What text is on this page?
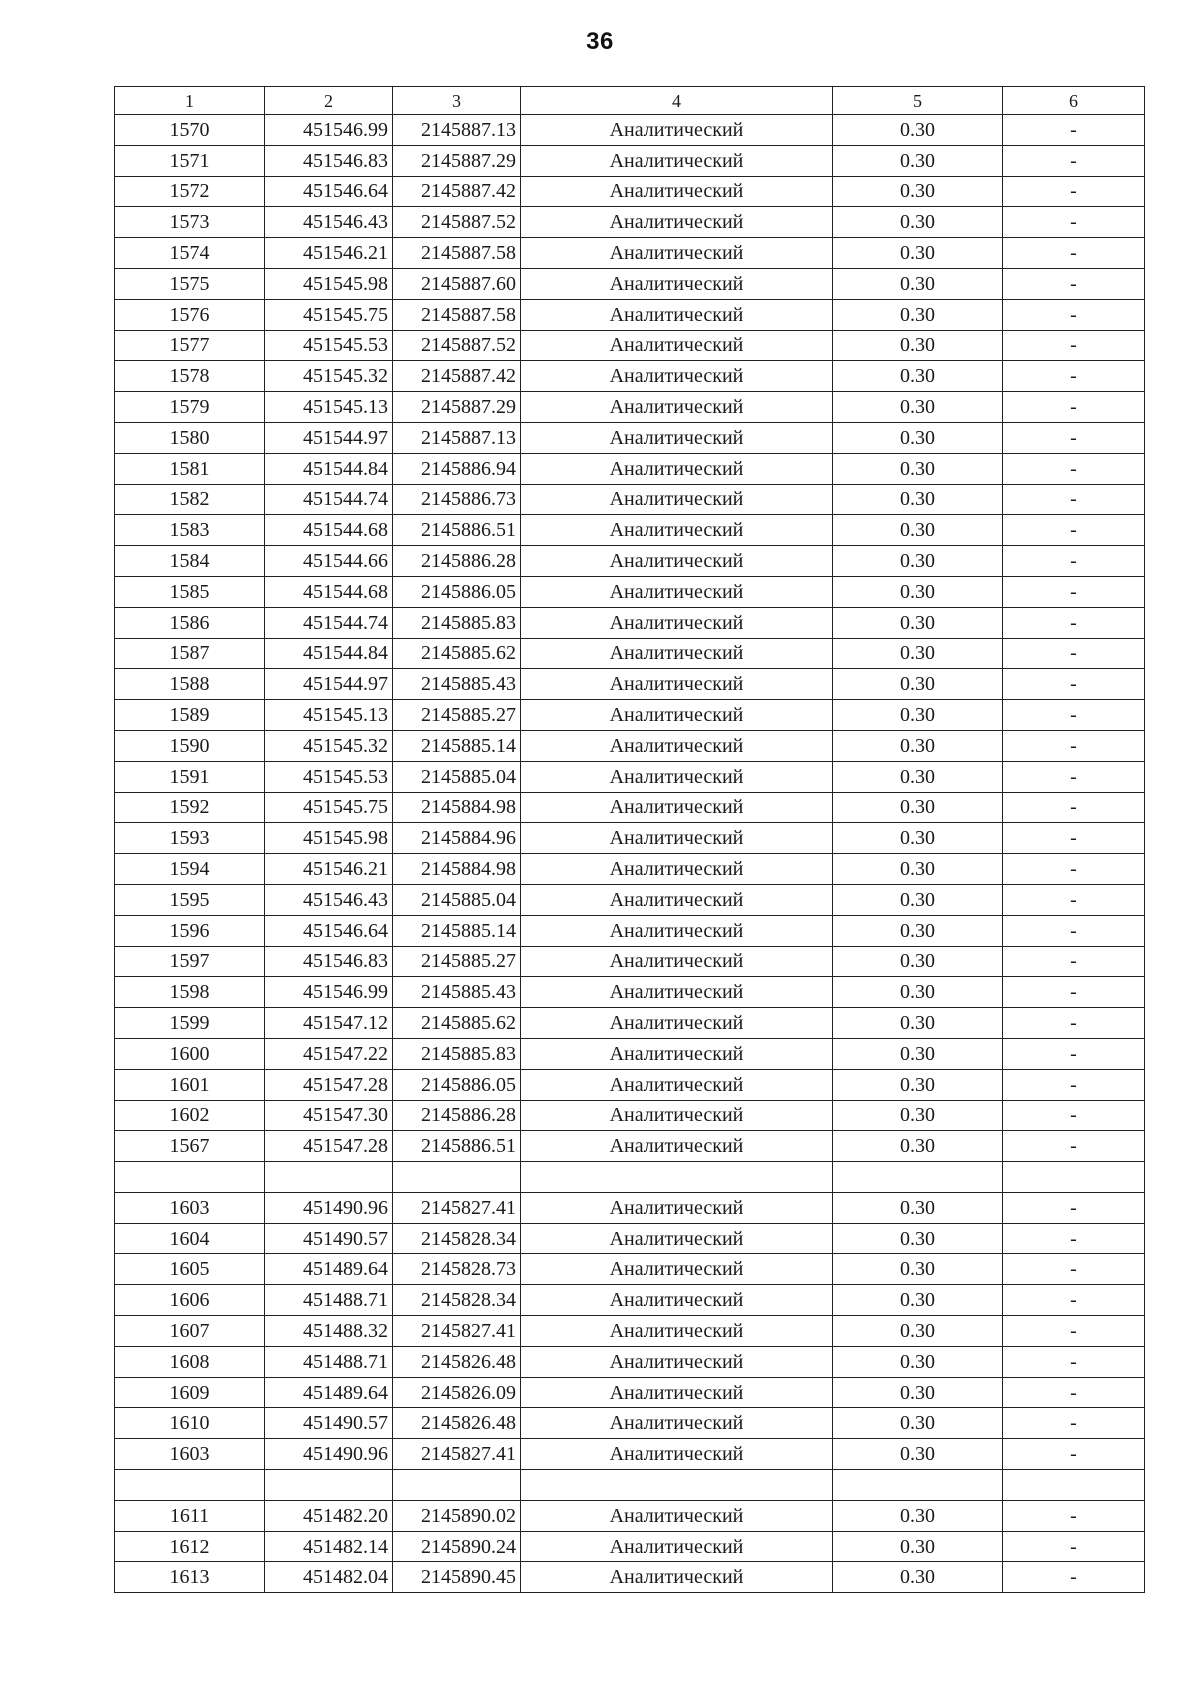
36
1	2	3	4	5	6
1570	451546.99	2145887.13	Аналитический	0.30	-
1571	451546.83	2145887.29	Аналитический	0.30	-
1572	451546.64	2145887.42	Аналитический	0.30	-
1573	451546.43	2145887.52	Аналитический	0.30	-
1574	451546.21	2145887.58	Аналитический	0.30	-
1575	451545.98	2145887.60	Аналитический	0.30	-
1576	451545.75	2145887.58	Аналитический	0.30	-
1577	451545.53	2145887.52	Аналитический	0.30	-
1578	451545.32	2145887.42	Аналитический	0.30	-
1579	451545.13	2145887.29	Аналитический	0.30	-
1580	451544.97	2145887.13	Аналитический	0.30	-
1581	451544.84	2145886.94	Аналитический	0.30	-
1582	451544.74	2145886.73	Аналитический	0.30	-
1583	451544.68	2145886.51	Аналитический	0.30	-
1584	451544.66	2145886.28	Аналитический	0.30	-
1585	451544.68	2145886.05	Аналитический	0.30	-
1586	451544.74	2145885.83	Аналитический	0.30	-
1587	451544.84	2145885.62	Аналитический	0.30	-
1588	451544.97	2145885.43	Аналитический	0.30	-
1589	451545.13	2145885.27	Аналитический	0.30	-
1590	451545.32	2145885.14	Аналитический	0.30	-
1591	451545.53	2145885.04	Аналитический	0.30	-
1592	451545.75	2145884.98	Аналитический	0.30	-
1593	451545.98	2145884.96	Аналитический	0.30	-
1594	451546.21	2145884.98	Аналитический	0.30	-
1595	451546.43	2145885.04	Аналитический	0.30	-
1596	451546.64	2145885.14	Аналитический	0.30	-
1597	451546.83	2145885.27	Аналитический	0.30	-
1598	451546.99	2145885.43	Аналитический	0.30	-
1599	451547.12	2145885.62	Аналитический	0.30	-
1600	451547.22	2145885.83	Аналитический	0.30	-
1601	451547.28	2145886.05	Аналитический	0.30	-
1602	451547.30	2145886.28	Аналитический	0.30	-
1567	451547.28	2145886.51	Аналитический	0.30	-

1603	451490.96	2145827.41	Аналитический	0.30	-
1604	451490.57	2145828.34	Аналитический	0.30	-
1605	451489.64	2145828.73	Аналитический	0.30	-
1606	451488.71	2145828.34	Аналитический	0.30	-
1607	451488.32	2145827.41	Аналитический	0.30	-
1608	451488.71	2145826.48	Аналитический	0.30	-
1609	451489.64	2145826.09	Аналитический	0.30	-
1610	451490.57	2145826.48	Аналитический	0.30	-
1603	451490.96	2145827.41	Аналитический	0.30	-

1611	451482.20	2145890.02	Аналитический	0.30	-
1612	451482.14	2145890.24	Аналитический	0.30	-
1613	451482.04	2145890.45	Аналитический	0.30	-
